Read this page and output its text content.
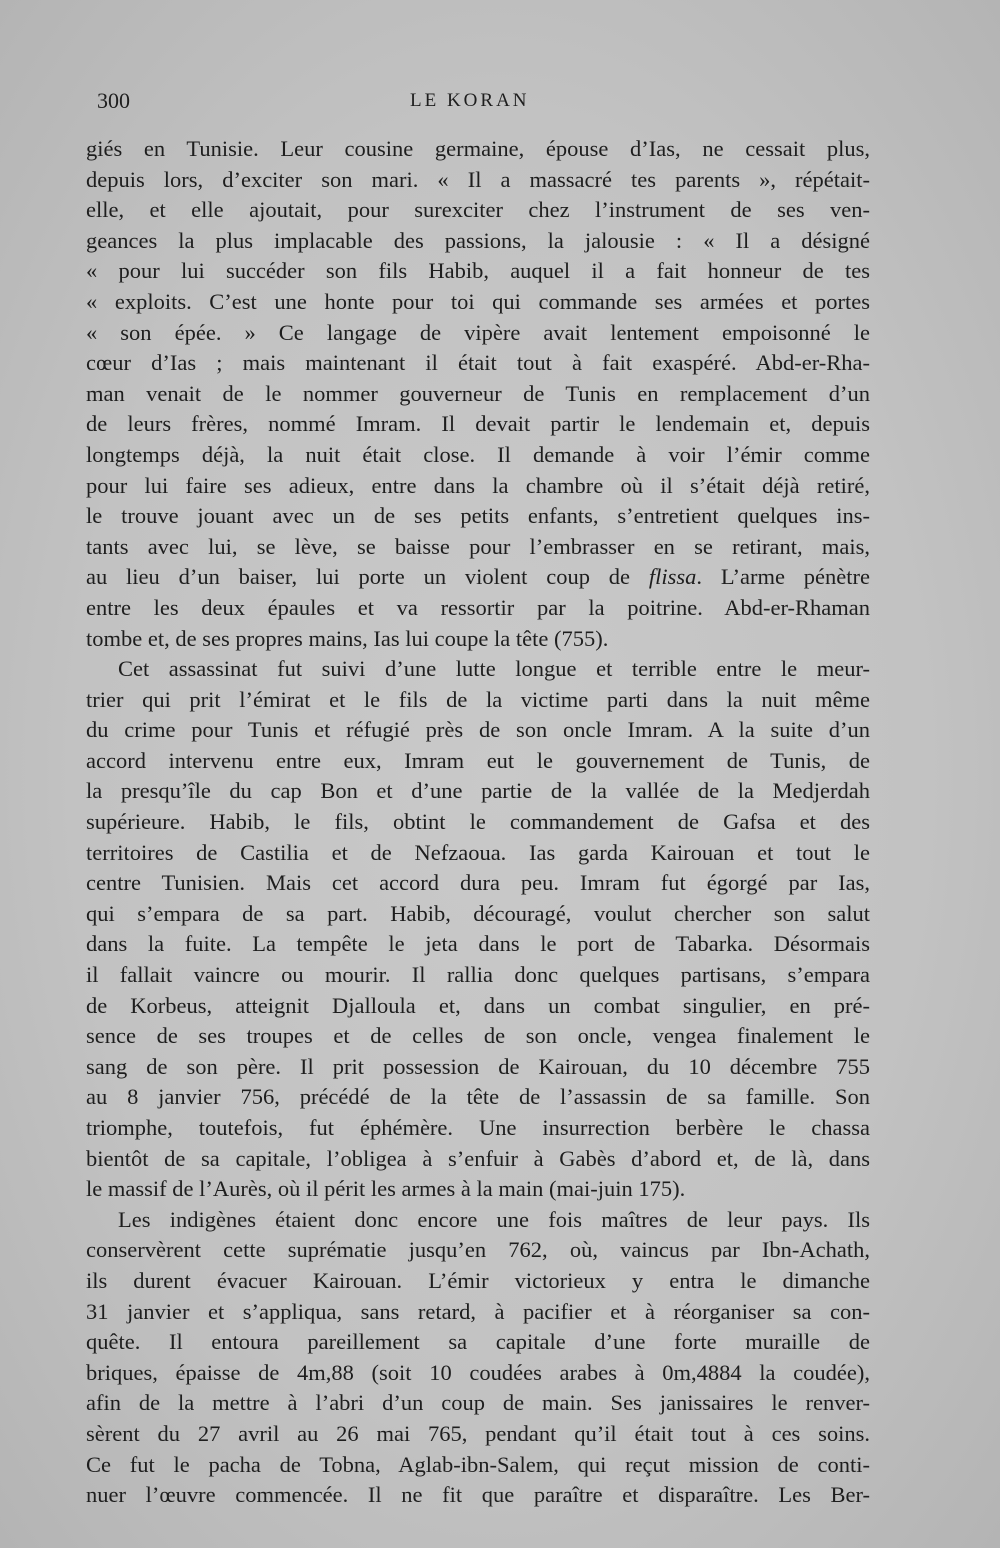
300	LE KORAN
giés en Tunisie. Leur cousine germaine, épouse d’Ias, ne cessait plus,
depuis lors, d’exciter son mari. « Il a massacré tes parents », répétait-
elle, et elle ajoutait, pour surexciter chez l’instrument de ses ven-
geances la plus implacable des passions, la jalousie : « Il a désigné
« pour lui succéder son fils Habib, auquel il a fait honneur de tes
« exploits. C’est une honte pour toi qui commande ses armées et portes
« son épée. » Ce langage de vipère avait lentement empoisonné le
cœur d’Ias ; mais maintenant il était tout à fait exaspéré. Abd-er-Rha-
man venait de le nommer gouverneur de Tunis en remplacement d’un
de leurs frères, nommé Imram. Il devait partir le lendemain et, depuis
longtemps déjà, la nuit était close. Il demande à voir l’émir comme
pour lui faire ses adieux, entre dans la chambre où il s’était déjà retiré,
le trouve jouant avec un de ses petits enfants, s’entretient quelques ins-
tants avec lui, se lève, se baisse pour l’embrasser en se retirant, mais,
au lieu d’un baiser, lui porte un violent coup de flissa. L’arme pénètre
entre les deux épaules et va ressortir par la poitrine. Abd-er-Rhaman
tombe et, de ses propres mains, Ias lui coupe la tête (755).
Cet assassinat fut suivi d’une lutte longue et terrible entre le meur-
trier qui prit l’émirat et le fils de la victime parti dans la nuit même
du crime pour Tunis et réfugié près de son oncle Imram. A la suite d’un
accord intervenu entre eux, Imram eut le gouvernement de Tunis, de
la presqu’île du cap Bon et d’une partie de la vallée de la Medjerdah
supérieure. Habib, le fils, obtint le commandement de Gafsa et des
territoires de Castilia et de Nefzaoua. Ias garda Kairouan et tout le
centre Tunisien. Mais cet accord dura peu. Imram fut égorgé par Ias,
qui s’empara de sa part. Habib, découragé, voulut chercher son salut
dans la fuite. La tempête le jeta dans le port de Tabarka. Désormais
il fallait vaincre ou mourir. Il rallia donc quelques partisans, s’empara
de Korbeus, atteignit Djalloula et, dans un combat singulier, en pré-
sence de ses troupes et de celles de son oncle, vengea finalement le
sang de son père. Il prit possession de Kairouan, du 10 décembre 755
au 8 janvier 756, précédé de la tête de l’assassin de sa famille. Son
triomphe, toutefois, fut éphémère. Une insurrection berbère le chassa
bientôt de sa capitale, l’obligea à s’enfuir à Gabès d’abord et, de là, dans
le massif de l’Aurès, où il périt les armes à la main (mai-juin 175).
Les indigènes étaient donc encore une fois maîtres de leur pays. Ils
conservèrent cette suprématie jusqu’en 762, où, vaincus par Ibn-Achath,
ils durent évacuer Kairouan. L’émir victorieux y entra le dimanche
31 janvier et s’appliqua, sans retard, à pacifier et à réorganiser sa con-
quête. Il entoura pareillement sa capitale d’une forte muraille de
briques, épaisse de 4m,88 (soit 10 coudées arabes à 0m,4884 la coudée),
afin de la mettre à l’abri d’un coup de main. Ses janissaires le renver-
sèrent du 27 avril au 26 mai 765, pendant qu’il était tout à ces soins.
Ce fut le pacha de Tobna, Aglab-ibn-Salem, qui reçut mission de conti-
nuer l’œuvre commencée. Il ne fit que paraître et disparaître. Les Ber-
